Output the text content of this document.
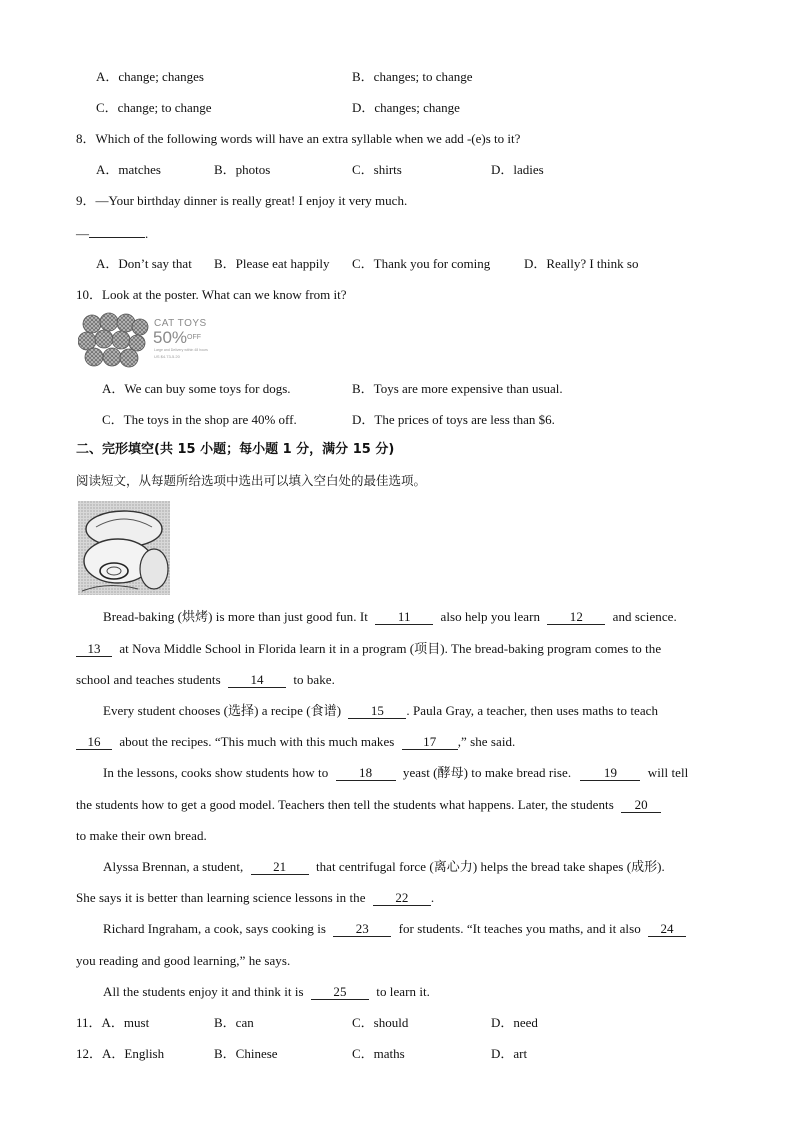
A．change; changes	B．changes; to change
C．change; to change	D．changes; change
8．Which of the following words will have an extra syllable when we add -(e)s to it?
A．matches	B．photos	C．shirts	D．ladies
9．—Your birthday dinner is really great! I enjoy it very much.
—	.
A．Don’t say that B．Please eat happily C．Thank you for coming	D．Really? I think so
10．Look at the poster. What can we know from it?
CAT TOYS
50%$^{OFF}$
Large and Delivery within 48 hours
US $4.73-5.20
A．We can buy some toys for dogs.	B．Toys are more expensive than usual.
C．The toys in the shop are 40% off.	D．The prices of toys are less than $6.
二、完形填空(共 15 小题；每小题 1 分，满分 15 分)
阅读短文，从每题所给选项中选出可以填入空白处的最佳选项。
Bread-baking (烘烤) is more than just good fun. It 11 also help you learn 12 and science.
13 at Nova Middle School in Florida learn it in a program (项目). The bread-baking program comes to the
school and teaches students 14 to bake.
Every student chooses (选择) a recipe (食谱) 15 . Paula Gray, a teacher, then uses maths to teach
16 about the recipes. “This much with this much makes 17 ,” she said.
In the lessons, cooks show students how to 18 yeast (酵母) to make bread rise.	19 will tell
the students how to get a good model. Teachers then tell the students what happens. Later, the students 20
to make their own bread.
Alyssa Brennan, a student, 21 that centrifugal force (离心力) helps the bread take shapes (成形).
She says it is better than learning science lessons in the 22 .
Richard Ingraham, a cook, says cooking is 23 for students. “It teaches you maths, and it also 24
you reading and good learning,” he says.
All the students enjoy it and think it is 25 to learn it.
11．A．must	B．can	C．should	D．need
12．A．English	B．Chinese	C．maths	D．art
